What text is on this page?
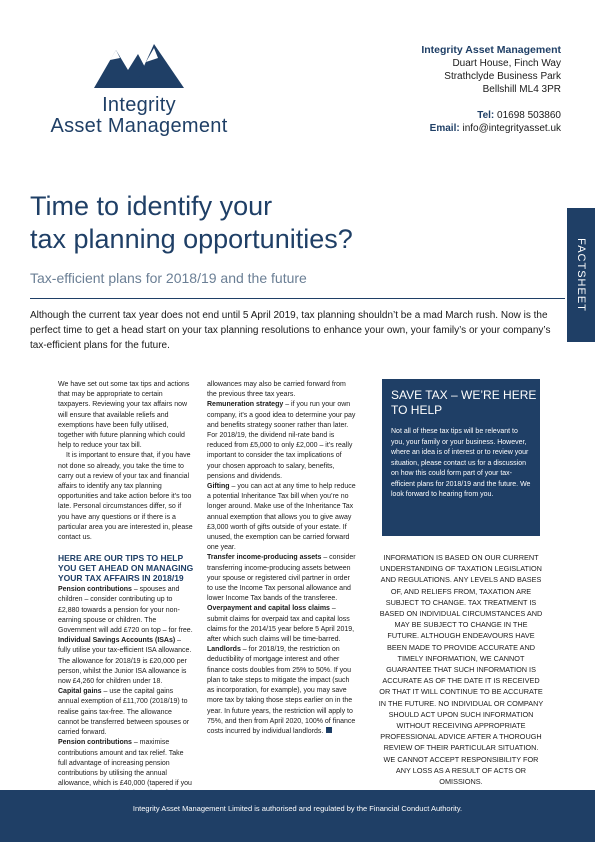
Integrity
Asset Management
Integrity Asset Management
Duart House, Finch Way
Strathclyde Business Park
Bellshill ML4 3PR
Tel: 01698 503860
Email: info@integrityasset.uk
FACTSHEET
Time to identify your
tax planning opportunities?
Tax-efficient plans for 2018/19 and the future
Although the current tax year does not end until 5 April 2019, tax planning shouldn’t be a mad March rush. Now is the perfect time to get a head start on your tax planning resolutions to enhance your own, your family’s or your company’s tax-efficient plans for the future.

We have set out some tax tips and actions that may be appropriate to certain taxpayers. Reviewing your tax affairs now will ensure that available reliefs and exemptions have been fully utilised, together with future planning which could help to reduce your tax bill.

It is important to ensure that, if you have not done so already, you take the time to carry out a review of your tax and financial affairs to identify any tax planning opportunities and take action before it’s too late. Personal circumstances differ, so if you have any questions or if there is a particular area you are interested in, please contact us.

HERE ARE OUR TIPS TO HELP YOU GET AHEAD ON MANAGING YOUR TAX AFFAIRS IN 2018/19

Pension contributions – spouses and children – consider contributing up to £2,880 towards a pension for your non-earning spouse or children. The Government will add £720 on top – for free.

Individual Savings Accounts (ISAs) – fully utilise your tax-efficient ISA allowance. The allowance for 2018/19 is £20,000 per person, whilst the Junior ISA allowance is now £4,260 for children under 18.

Capital gains – use the capital gains annual exemption of £11,700 (2018/19) to realise gains tax-free. The allowance cannot be transferred between spouses or carried forward.

Pension contributions – maximise contributions amount and tax relief. Take full advantage of increasing pension contributions by utilising the annual allowance, which is £40,000 (tapered if you

allowances may also be carried forward from the previous three tax years.

Remuneration strategy – if you run your own company, it’s a good idea to determine your pay and benefits strategy sooner rather than later. For 2018/19, the dividend nil-rate band is reduced from £5,000 to only £2,000 – it’s really important to consider the tax implications of your chosen approach to salary, benefits, pensions and dividends.

Gifting – you can act at any time to help reduce a potential Inheritance Tax bill when you’re no longer around. Make use of the Inheritance Tax annual exemption that allows you to give away £3,000 worth of gifts outside of your estate. If unused, the exemption can be carried forward one year.

Transfer income-producing assets – consider transferring income-producing assets between your spouse or registered civil partner in order to use the Income Tax personal allowance and lower Income Tax bands of the transferee.

Overpayment and capital loss claims – submit claims for overpaid tax and capital loss claims for the 2014/15 year before 5 April 2019, after which such claims will be time-barred.

Landlords – for 2018/19, the restriction on deductibility of mortgage interest and other finance costs doubles from 25% to 50%. If you plan to take steps to mitigate the impact (such as incorporation, for example), you may save more tax by taking those steps earlier on in the year. In future years, the restriction will apply to 75%, and then from April 2020, 100% of finance costs incurred by individual landlords.

SAVE TAX – WE’RE HERE TO HELP
Not all of these tax tips will be relevant to you, your family or your business. However, where an idea is of interest or to review your situation, please contact us for a discussion on how this could form part of your tax-efficient plans for 2018/19 and the future. We look forward to hearing from you.
INFORMATION IS BASED ON OUR CURRENT UNDERSTANDING OF TAXATION LEGISLATION AND REGULATIONS. ANY LEVELS AND BASES OF, AND RELIEFS FROM, TAXATION ARE SUBJECT TO CHANGE. TAX TREATMENT IS BASED ON INDIVIDUAL CIRCUMSTANCES AND MAY BE SUBJECT TO CHANGE IN THE FUTURE. ALTHOUGH ENDEAVOURS HAVE BEEN MADE TO PROVIDE ACCURATE AND TIMELY INFORMATION, WE CANNOT GUARANTEE THAT SUCH INFORMATION IS ACCURATE AS OF THE DATE IT IS RECEIVED OR THAT IT WILL CONTINUE TO BE ACCURATE IN THE FUTURE. NO INDIVIDUAL OR COMPANY SHOULD ACT UPON SUCH INFORMATION WITHOUT RECEIVING APPROPRIATE PROFESSIONAL ADVICE AFTER A THOROUGH REVIEW OF THEIR PARTICULAR SITUATION. WE CANNOT ACCEPT RESPONSIBILITY FOR ANY LOSS AS A RESULT OF ACTS OR OMISSIONS.
Integrity Asset Management Limited is authorised and regulated by the Financial Conduct Authority.
